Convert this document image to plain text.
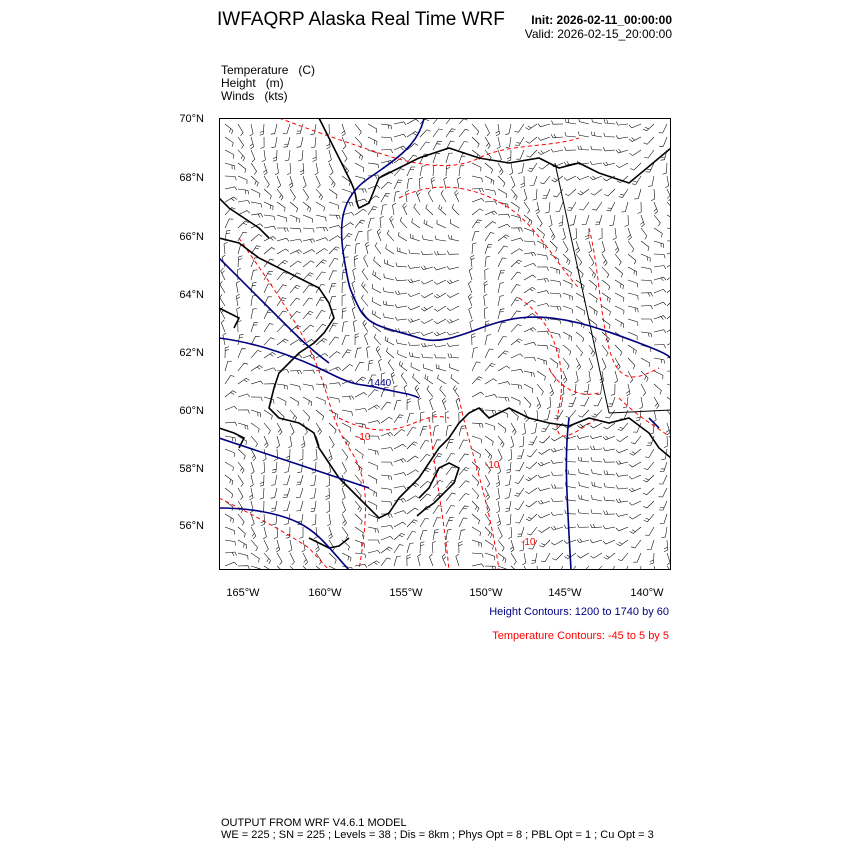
IWFAQRP Alaska Real Time WRF Init: 2026-02-11_00:00:00
Valid: 2026-02-15_20:00:00
Temperature (C)
Height (m)
Winds (kts)
1440
-10
-10
-10
70°N
68°N
66°N
64°N
62°N
60°N
58°N
56°N
165°W	160°W	155°W	150°W	145°W	140°W
Height Contours: 1200 to 1740 by 60
Temperature Contours: -45 to 5 by 5
OUTPUT FROM WRF V4.6.1 MODEL
WE = 225 ; SN = 225 ; Levels = 38 ; Dis = 8km ; Phys Opt = 8 ; PBL Opt = 1 ; Cu Opt = 3
